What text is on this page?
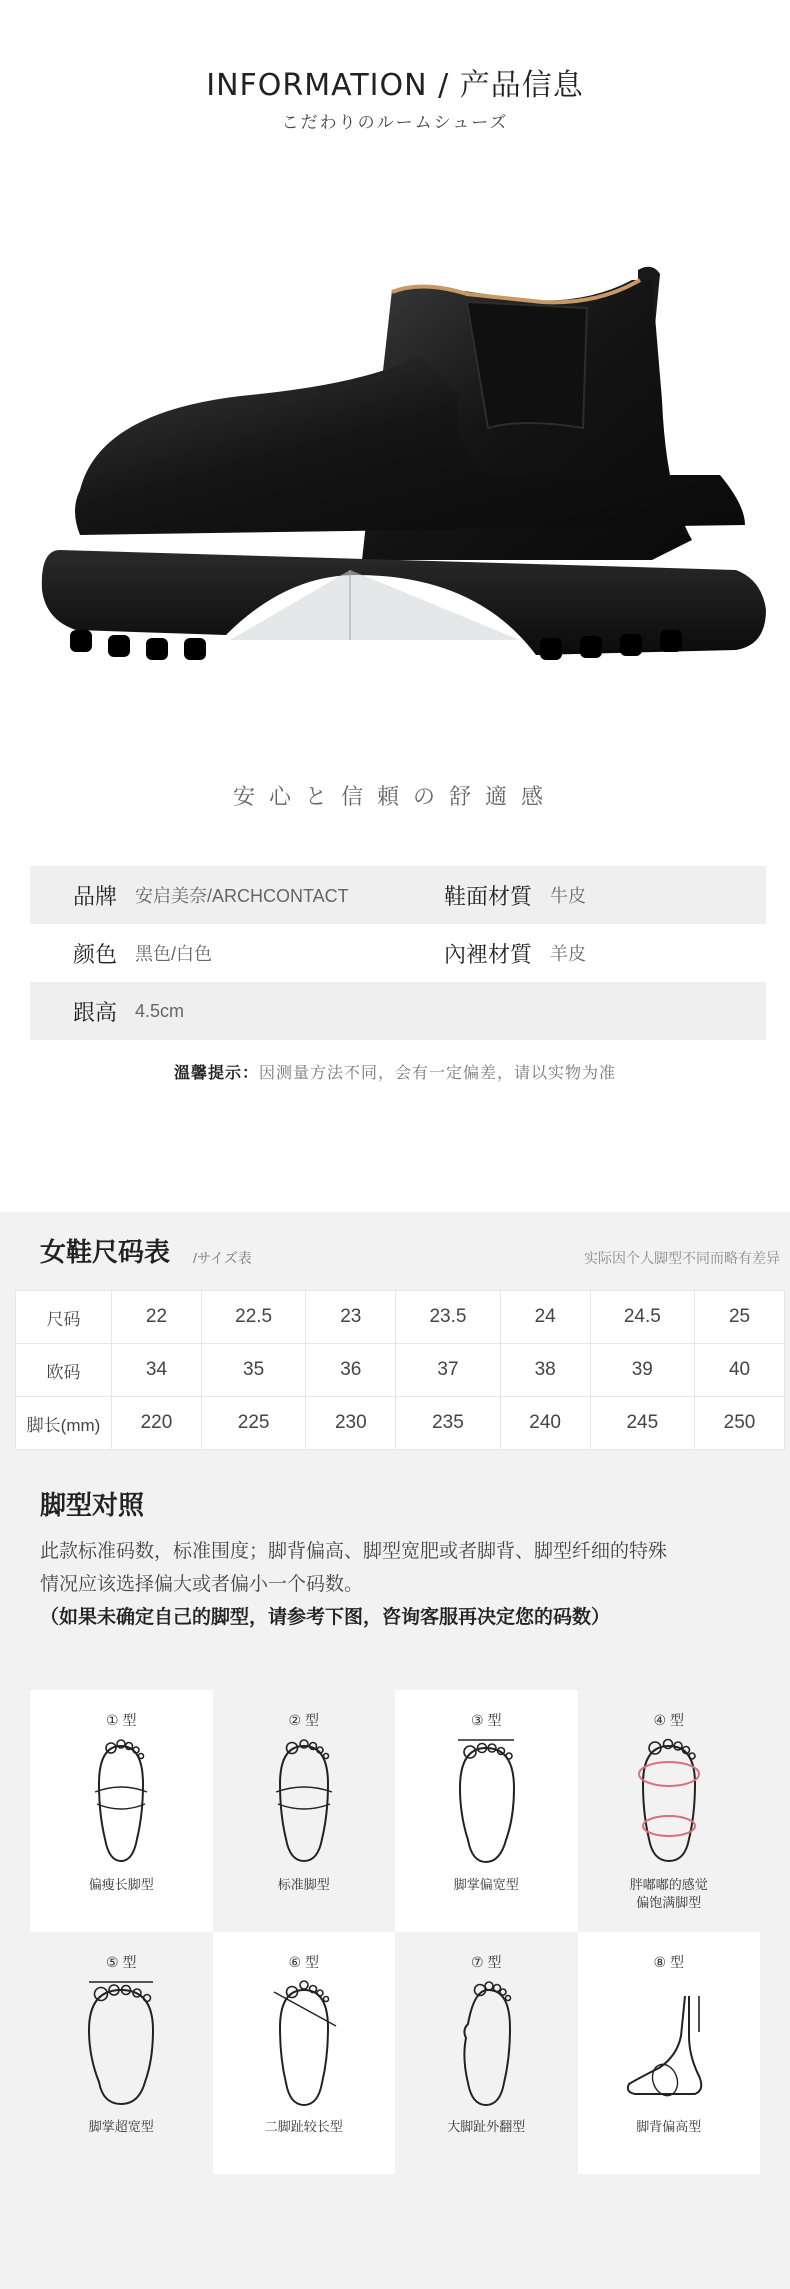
INFORMATION / 产品信息
こだわりのルームシューズ
安心と信頼の舒適感
品牌	安启美奈/ARCHCONTACT	鞋面材質	牛皮
颜色	黑色/白色	內裡材質	羊皮
跟高	4.5cm
溫馨提示：因测量方法不同，会有一定偏差，请以实物为准
女鞋尺码表 /サイズ表	实际因个人脚型不同而略有差异
尺码	22	22.5	23	23.5	24	24.5	25
欧码	34	35	36	37	38	39	40
脚长(mm)	220	225	230	235	240	245	250
脚型对照
此款标准码数，标准围度；脚背偏高、脚型宽肥或者脚背、脚型纤细的特殊
情况应该选择偏大或者偏小一个码数。
（如果未确定自己的脚型，请参考下图，咨询客服再决定您的码数）
① 型
偏瘦长脚型
② 型
标准脚型
③ 型
脚掌偏宽型
④ 型
胖嘟嘟的感觉
偏饱满脚型
⑤ 型
脚掌超宽型
⑥ 型
二脚趾较长型
⑦ 型
大脚趾外翻型
⑧ 型
脚背偏高型
